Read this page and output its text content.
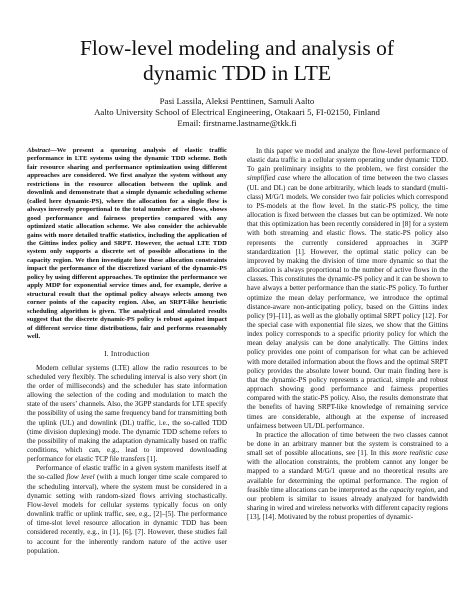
Flow-level modeling and analysis of
dynamic TDD in LTE
Pasi Lassila, Aleksi Penttinen, Samuli Aalto
Aalto University School of Electrical Engineering, Otakaari 5, FI-02150, Finland
Email: firstname.lastname@tkk.fi

Abstract—We present a queueing analysis of elastic traffic performance in LTE systems using the dynamic TDD scheme. Both fair resource sharing and performance optimization using different approaches are considered. We first analyze the system without any restrictions in the resource allocation between the uplink and downlink and demonstrate that a simple dynamic scheduling scheme (called here dynamic-PS), where the allocation for a single flow is always inversely proportional to the total number active flows, shows good performance and fairness properties compared with any optimized static allocation scheme. We also consider the achievable gains with more detailed traffic statistics, including the application of the Gittins index policy and SRPT. However, the actual LTE TDD system only supports a discrete set of possible allocations in the capacity region. We then investigate how these allocation constraints impact the performance of the discretized variant of the dynamic-PS policy by using different approaches. To optimize the performance we apply MDP for exponential service times and, for example, derive a structural result that the optimal policy always selects among two corner points of the capacity region. Also, an SRPT-like heuristic scheduling algorithm is given. The analytical and simulated results suggest that the discrete dynamic-PS policy is robust against impact of different service time distributions, fair and performs reasonably well.

I. Introduction

Modern cellular systems (LTE) allow the radio resources to be scheduled very flexibly. The scheduling interval is also very short (in the order of milliseconds) and the scheduler has state information allowing the selection of the coding and modulation to match the state of the users’ channels. Also, the 3GPP standards for LTE specify the possibility of using the same frequency band for transmitting both the uplink (UL) and downlink (DL) traffic, i.e., the so-called TDD (time division duplexing) mode. The dynamic TDD scheme refers to the possibility of making the adaptation dynamically based on traffic conditions, which can, e.g., lead to improved downloading performance for elastic TCP file transfers [1].

Performance of elastic traffic in a given system manifests itself at the so-called flow level (with a much longer time scale compared to the scheduling interval), where the system must be considered in a dynamic setting with random-sized flows arriving stochastically. Flow-level models for cellular systems typically focus on only downlink traffic or uplink traffic, see, e.g., [2]–[5]. The performance of time-slot level resource allocation in dynamic TDD has been considered recently, e.g., in [1], [6], [7]. However, these studies fail to account for the inherently random nature of the active user population.

In this paper we model and analyze the flow-level performance of elastic data traffic in a cellular system operating under dynamic TDD. To gain preliminary insights to the problem, we first consider the simplified case where the allocation of time between the two classes (UL and DL) can be done arbitrarily, which leads to standard (multi-class) M/G/1 models. We consider two fair policies which correspond to PS-models at the flow level. In the static-PS policy, the time allocation is fixed between the classes but can be optimized. We note that this optimization has been recently considered in [8] for a system with both streaming and elastic flows. The static-PS policy also represents the currently considered approaches in 3GPP standardization [1]. However, the optimal static policy can be improved by making the division of time more dynamic so that the allocation is always proportional to the number of active flows in the classes. This constitutes the dynamic-PS policy and it can be shown to have always a better performance than the static-PS policy. To further optimize the mean delay performance, we introduce the optimal distance-aware non-anticipating policy, based on the Gittins index policy [9]–[11], as well as the globally optimal SRPT policy [12]. For the special case with exponential file sizes, we show that the Gittins index policy corresponds to a specific priority policy for which the mean delay analysis can be done analytically. The Gittins index policy provides one point of comparison for what can be achieved with more detailed information about the flows and the optimal SRPT policy provides the absolute lower bound. Our main finding here is that the dynamic-PS policy represents a practical, simple and robust approach showing good performance and fairness properties compared with the static-PS policy. Also, the results demonstrate that the benefits of having SRPT-like knowledge of remaining service times are considerable, although at the expense of increased unfairness between UL/DL performance.

In practice the allocation of time between the two classes cannot be done in an arbitrary manner but the system is constrained to a small set of possible allocations, see [1]. In this more realistic case with the allocation constraints, the problem cannot any longer be mapped to a standard M/G/1 queue and no theoretical results are available for determining the optimal performance. The region of feasible time allocations can be interpreted as the capacity region, and our problem is similar to issues already analyzed for bandwidth sharing in wired and wireless networks with different capacity regions [13], [14]. Motivated by the robust properties of dynamic-
